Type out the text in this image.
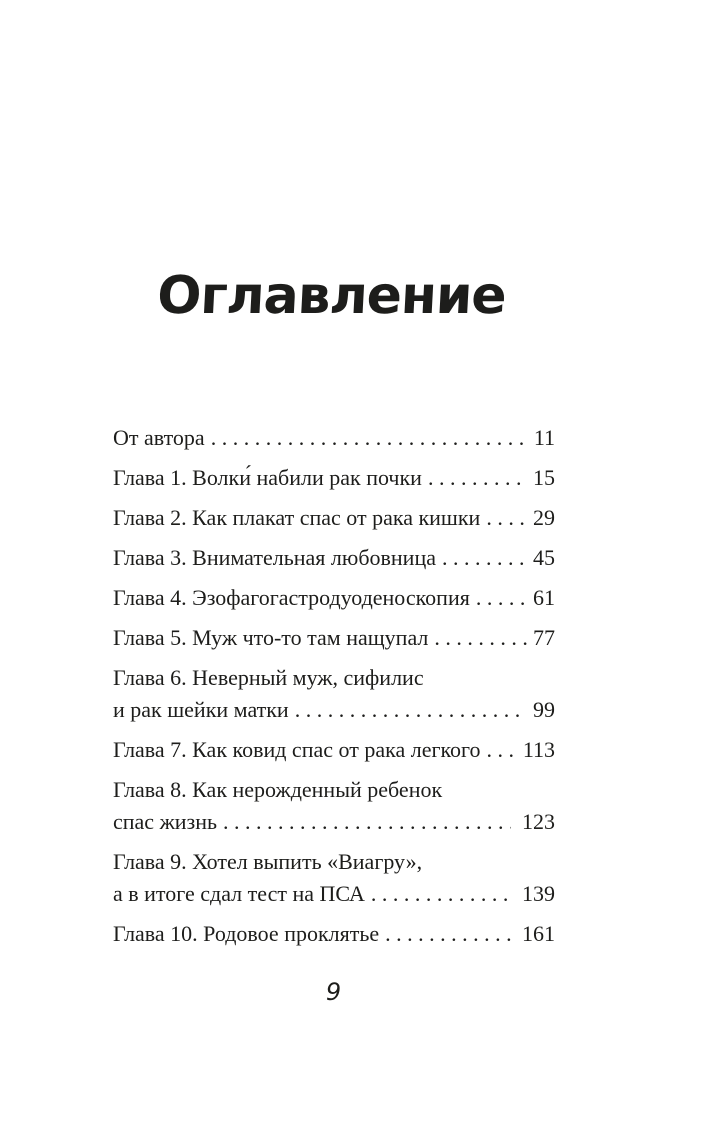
Оглавление
От автора . . .	11
Глава 1. Волки́ набили рак почки . . .	15
Глава 2. Как плакат спас от рака кишки . . . 29
Глава 3. Внимательная любовница . . .	45
Глава 4. Эзофагогастродуоденоскопия . . .	61
Глава 5. Муж что-то там нащупал . . .	77
Глава 6. Неверный муж, сифилис
и рак шейки матки . . .	99
Глава 7. Как ковид спас от рака легкого . . . 113
Глава 8. Как нерожденный ребенок
спас жизнь . . .	123
Глава 9. Хотел выпить «Виагру»,
а в итоге сдал тест на ПСА . . .	139
Глава 10. Родовое проклятье . . .	161
9
